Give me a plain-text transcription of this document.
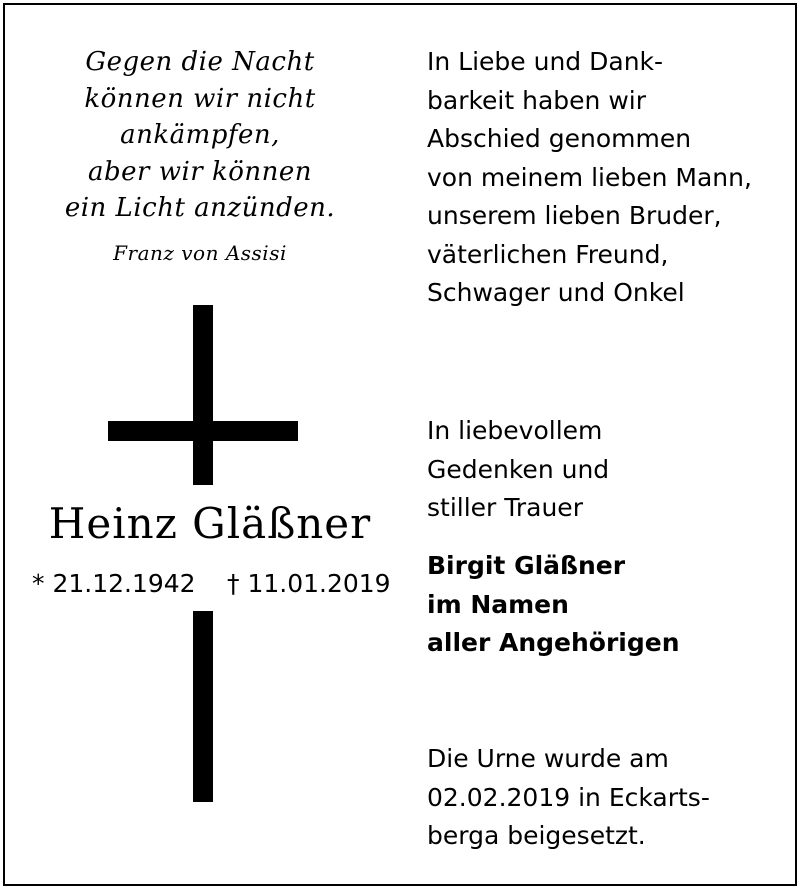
Gegen die Nacht
können wir nicht
ankämpfen,
aber wir können
ein Licht anzünden.
Franz von Assisi
Heinz Gläßner
* 21.12.1942 † 11.01.2019
In Liebe und Dank-
barkeit haben wir
Abschied genommen
von meinem lieben Mann,
unserem lieben Bruder,
väterlichen Freund,
Schwager und Onkel
In liebevollem
Gedenken und
stiller Trauer
Birgit Gläßner
im Namen
aller Angehörigen
Die Urne wurde am
02.02.2019 in Eckarts-
berga beigesetzt.
